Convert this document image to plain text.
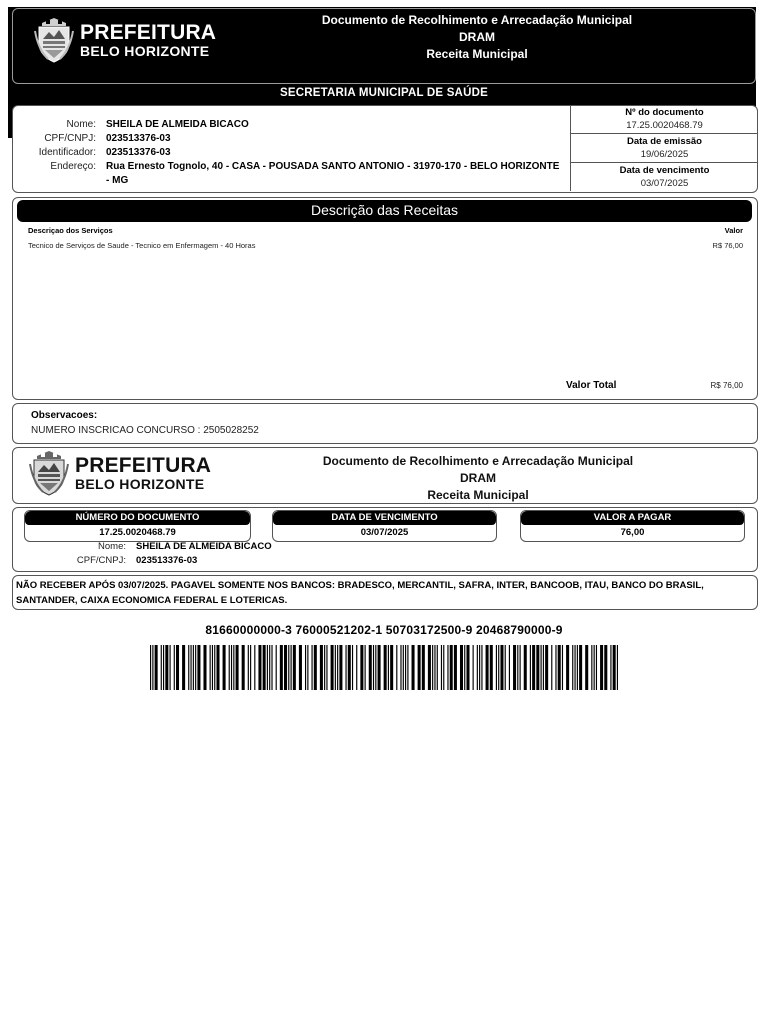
PREFEITURA
BELO HORIZONTE
Documento de Recolhimento e Arrecadação Municipal
DRAM
Receita Municipal
SECRETARIA MUNICIPAL DE SAÚDE
Nome: SHEILA DE ALMEIDA BICACO
CPF/CNPJ: 023513376-03
Identificador: 023513376-03
Endereço: Rua Ernesto Tognolo, 40 - CASA - POUSADA SANTO ANTONIO - 31970-170 - BELO HORIZONTE - MG
Nº do documento
17.25.0020468.79
Data de emissão
19/06/2025
Data de vencimento
03/07/2025
Descrição das Receitas
Descriçao dos Serviços	Valor
Tecnico de Serviços de Saude - Tecnico em Enfermagem - 40 Horas	R$ 76,00
Valor Total	R$ 76,00
Observacoes:
NUMERO INSCRICAO CONCURSO : 2505028252
PREFEITURA
BELO HORIZONTE
Documento de Recolhimento e Arrecadação Municipal
DRAM
Receita Municipal
NÚMERO DO DOCUMENTO
17.25.0020468.79
DATA DE VENCIMENTO
03/07/2025
VALOR A PAGAR
76,00
Nome: SHEILA DE ALMEIDA BICACO
CPF/CNPJ: 023513376-03
NÃO RECEBER APÓS 03/07/2025. PAGAVEL SOMENTE NOS BANCOS: BRADESCO, MERCANTIL, SAFRA, INTER, BANCOOB, ITAU, BANCO DO BRASIL, SANTANDER, CAIXA ECONOMICA FEDERAL E LOTERICAS.
81660000000-3 76000521202-1 50703172500-9 20468790000-9
